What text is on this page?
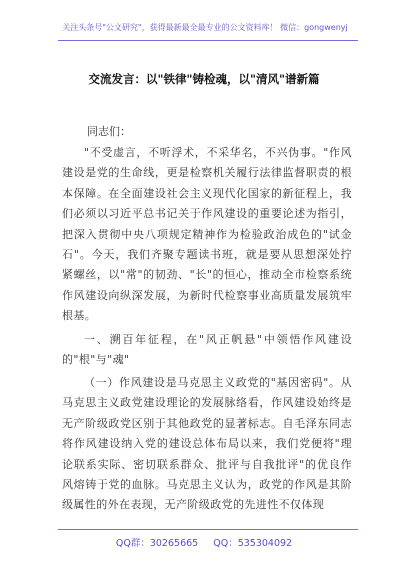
关注头条号"公文研究"，获得最新最全最专业的公文资料库！ 微信：gongwenyj
交流发言：以"铁律"铸检魂，以"清风"谱新篇
同志们：
"不受虚言，不听浮术，不采华名，不兴伪事。"作风建设是党的生命线，更是检察机关履行法律监督职责的根本保障。在全面建设社会主义现代化国家的新征程上，我们必须以习近平总书记关于作风建设的重要论述为指引，把深入贯彻中央八项规定精神作为检验政治成色的"试金石"。今天，我们齐聚专题读书班，就是要从思想深处拧紧螺丝，以"常"的韧劲、"长"的恒心，推动全市检察系统作风建设向纵深发展，为新时代检察事业高质量发展筑牢根基。
一、溯百年征程，在"风正帆悬"中领悟作风建设的"根"与"魂"
（一）作风建设是马克思主义政党的"基因密码"。从马克思主义政党建设理论的发展脉络看，作风建设始终是无产阶级政党区别于其他政党的显著标志。自毛泽东同志将作风建设纳入党的建设总体布局以来，我们党便将"理论联系实际、密切联系群众、批评与自我批评"的优良作风熔铸于党的血脉。马克思主义认为，政党的作风是其阶级属性的外在表现，无产阶级政党的先进性不仅体现
QQ群：30265665 QQ：535304092
